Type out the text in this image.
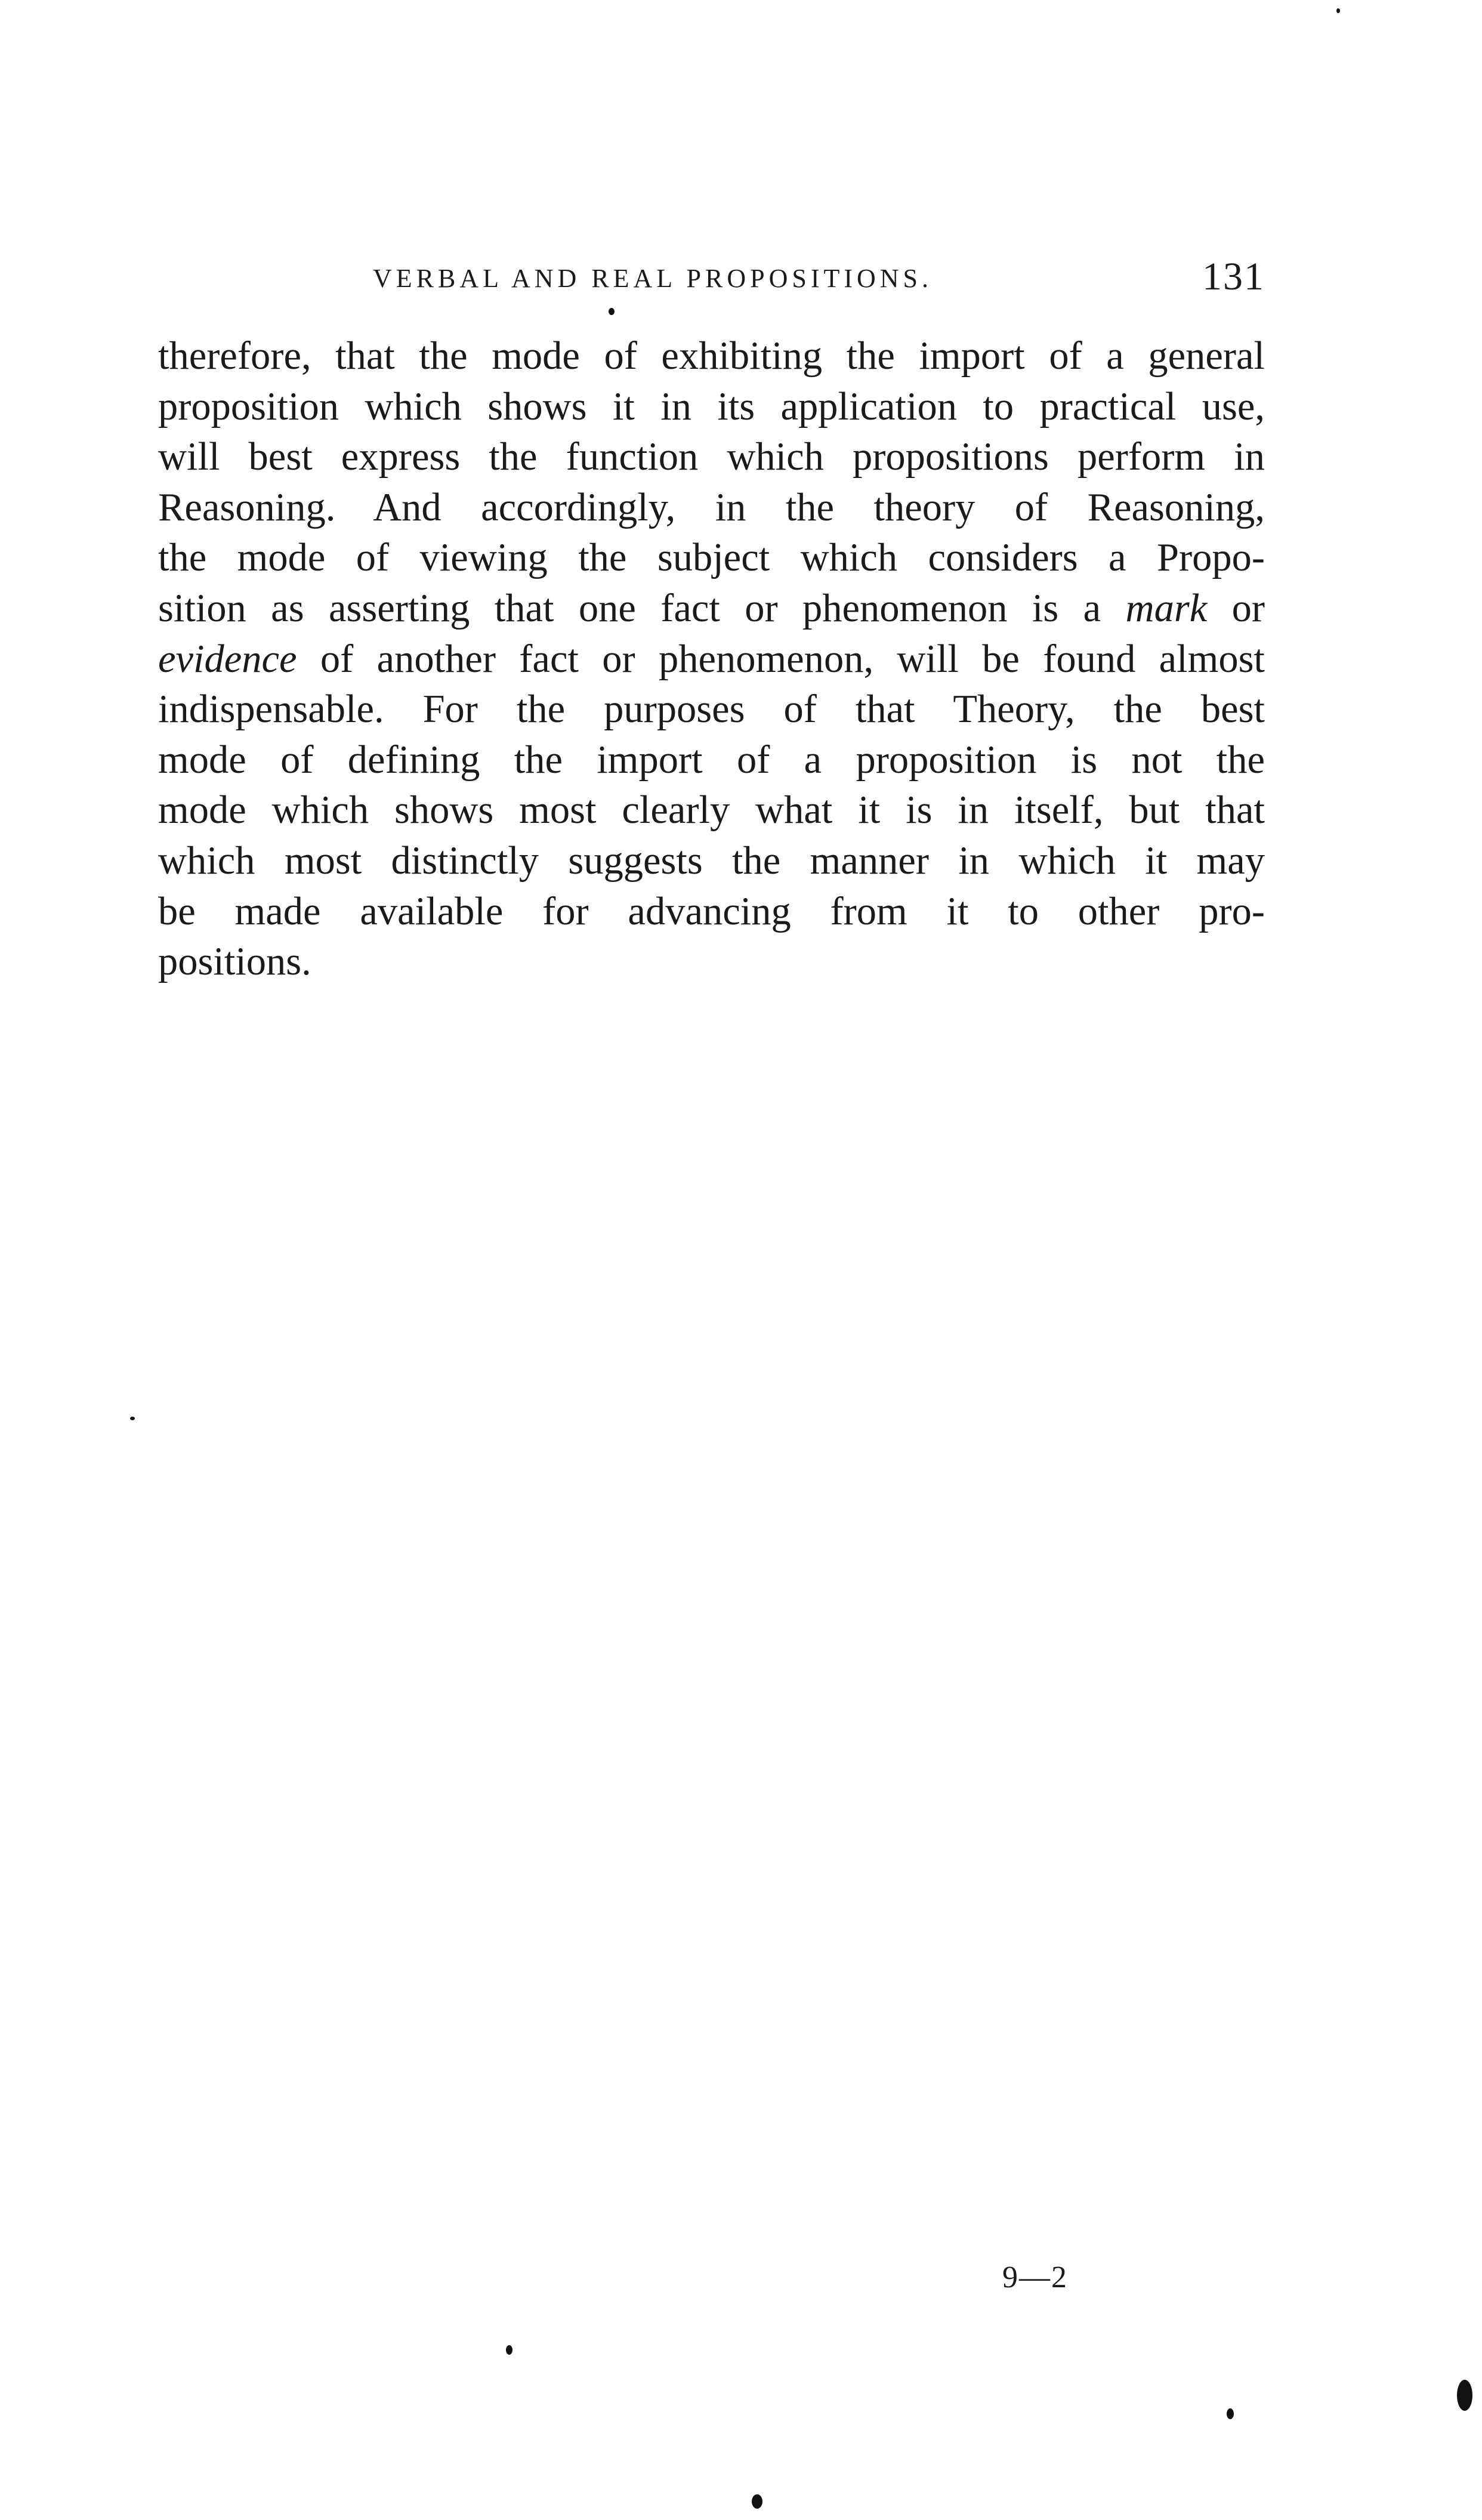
VERBAL AND REAL PROPOSITIONS.	131
therefore, that the mode of exhibiting the import of a general
proposition which shows it in its application to practical use,
will best express the function which propositions perform in
Reasoning. And accordingly, in the theory of Reasoning,
the mode of viewing the subject which considers a Propo-
sition as asserting that one fact or phenomenon is a mark or
evidence of another fact or phenomenon, will be found almost
indispensable. For the purposes of that Theory, the best
mode of defining the import of a proposition is not the
mode which shows most clearly what it is in itself, but that
which most distinctly suggests the manner in which it may
be made available for advancing from it to other pro-
positions.
9—2
